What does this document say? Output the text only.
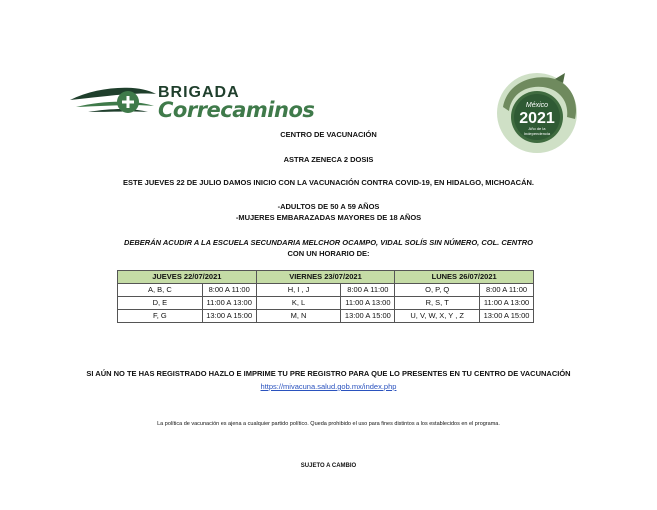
BRIGADA
Correcaminos	México
2021
Año de la
Independencia
CENTRO DE VACUNACIÓN
ASTRA ZENECA 2 DOSIS
ESTE JUEVES 22 DE JULIO DAMOS INICIO CON LA VACUNACIÓN CONTRA COVID-19, EN HIDALGO, MICHOACÁN.
-ADULTOS DE 50 A 59 AÑOS
-MUJERES EMBARAZADAS MAYORES DE 18 AÑOS
DEBERÁN ACUDIR A LA ESCUELA SECUNDARIA MELCHOR OCAMPO, VIDAL SOLÍS SIN NÚMERO, COL. CENTRO
CON UN HORARIO DE:
JUEVES 22/07/2021		VIERNES 23/07/2021		LUNES 26/07/2021	
A, B, C	8:00 A 11:00	H, I , J	8:00 A 11:00	O, P, Q	8:00 A 11:00
D, E	11:00 A 13:00	K, L	11:00 A 13:00	R, S, T	11:00 A 13:00
F, G	13:00 A 15:00	M, N	13:00 A 15:00	U, V, W, X, Y , Z	13:00 A 15:00
SI AÚN NO TE HAS REGISTRADO HAZLO E IMPRIME TU PRE REGISTRO PARA QUE LO PRESENTES EN TU CENTRO DE VACUNACIÓN
https://mivacuna.salud.gob.mx/index.php
La política de vacunación es ajena a cualquier partido político. Queda prohibido el uso para fines distintos a los establecidos en el programa.
SUJETO A CAMBIO
